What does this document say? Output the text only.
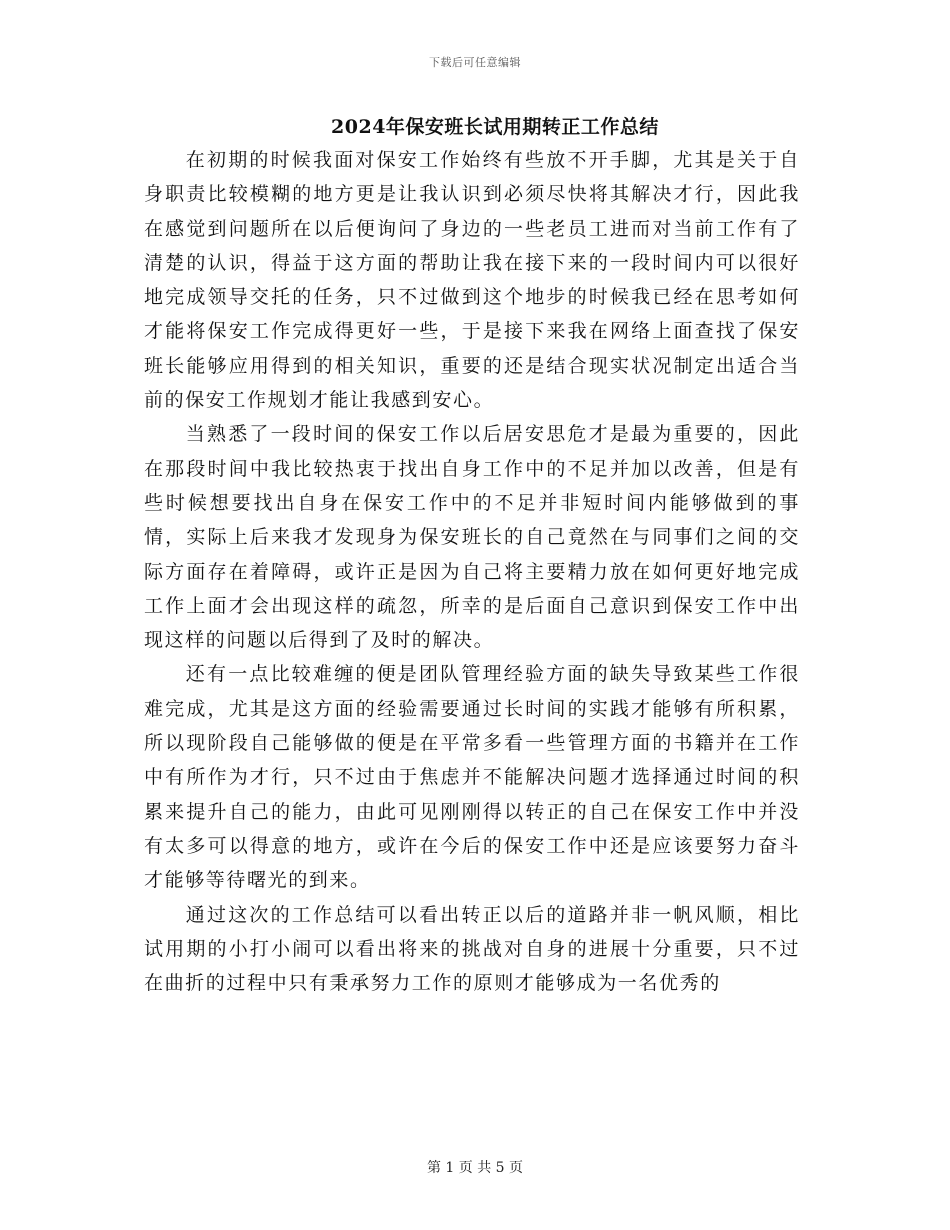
下载后可任意编辑
2024年保安班长试用期转正工作总结

在初期的时候我面对保安工作始终有些放不开手脚，尤其是关于自身职责比较模糊的地方更是让我认识到必须尽快将其解决才行，因此我在感觉到问题所在以后便询问了身边的一些老员工进而对当前工作有了清楚的认识，得益于这方面的帮助让我在接下来的一段时间内可以很好地完成领导交托的任务，只不过做到这个地步的时候我已经在思考如何才能将保安工作完成得更好一些，于是接下来我在网络上面查找了保安班长能够应用得到的相关知识，重要的还是结合现实状况制定出适合当前的保安工作规划才能让我感到安心。

当熟悉了一段时间的保安工作以后居安思危才是最为重要的，因此在那段时间中我比较热衷于找出自身工作中的不足并加以改善，但是有些时候想要找出自身在保安工作中的不足并非短时间内能够做到的事情，实际上后来我才发现身为保安班长的自己竟然在与同事们之间的交际方面存在着障碍，或许正是因为自己将主要精力放在如何更好地完成工作上面才会出现这样的疏忽，所幸的是后面自己意识到保安工作中出现这样的问题以后得到了及时的解决。

还有一点比较难缠的便是团队管理经验方面的缺失导致某些工作很难完成，尤其是这方面的经验需要通过长时间的实践才能够有所积累，所以现阶段自己能够做的便是在平常多看一些管理方面的书籍并在工作中有所作为才行，只不过由于焦虑并不能解决问题才选择通过时间的积累来提升自己的能力，由此可见刚刚得以转正的自己在保安工作中并没有太多可以得意的地方，或许在今后的保安工作中还是应该要努力奋斗才能够等待曙光的到来。

通过这次的工作总结可以看出转正以后的道路并非一帆风顺，相比试用期的小打小闹可以看出将来的挑战对自身的进展十分重要，只不过在曲折的过程中只有秉承努力工作的原则才能够成为一名优秀的

第 1 页 共 5 页
